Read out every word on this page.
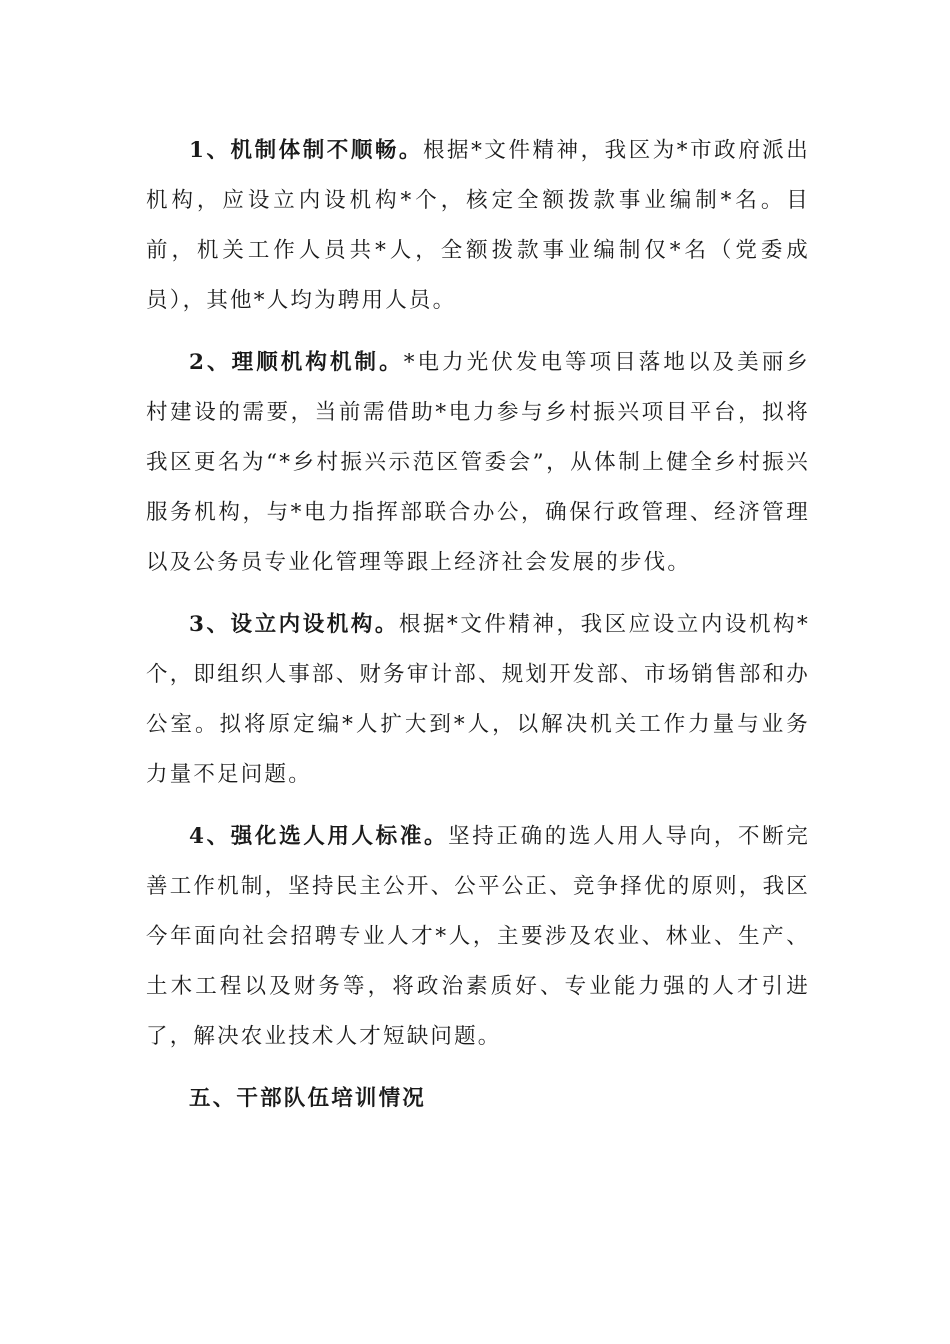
1、机制体制不顺畅。根据*文件精神，我区为*市政府派出机构，应设立内设机构*个，核定全额拨款事业编制*名。目前，机关工作人员共*人，全额拨款事业编制仅*名（党委成员），其他*人均为聘用人员。

2、理顺机构机制。*电力光伏发电等项目落地以及美丽乡村建设的需要，当前需借助*电力参与乡村振兴项目平台，拟将我区更名为“*乡村振兴示范区管委会”，从体制上健全乡村振兴服务机构，与*电力指挥部联合办公，确保行政管理、经济管理以及公务员专业化管理等跟上经济社会发展的步伐。

3、设立内设机构。根据*文件精神，我区应设立内设机构*个，即组织人事部、财务审计部、规划开发部、市场销售部和办公室。拟将原定编*人扩大到*人，以解决机关工作力量与业务力量不足问题。

4、强化选人用人标准。坚持正确的选人用人导向，不断完善工作机制，坚持民主公开、公平公正、竞争择优的原则，我区今年面向社会招聘专业人才*人，主要涉及农业、林业、生产、土木工程以及财务等，将政治素质好、专业能力强的人才引进了，解决农业技术人才短缺问题。

五、干部队伍培训情况
